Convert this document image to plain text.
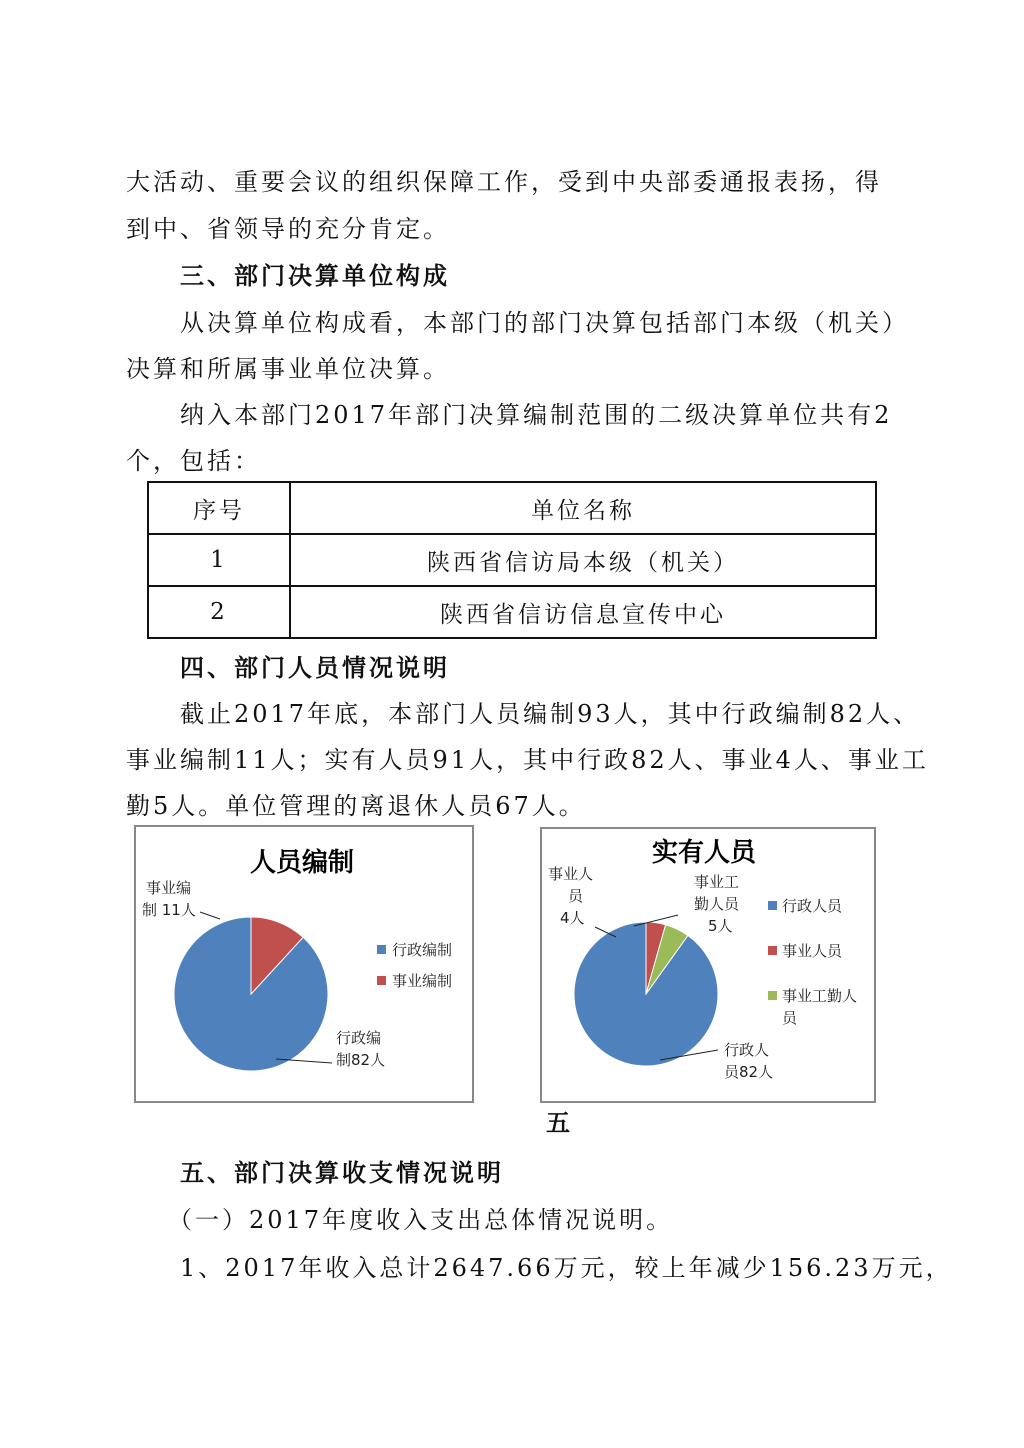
大活动、重要会议的组织保障工作，受到中央部委通报表扬，得
到中、省领导的充分肯定。
三、部门决算单位构成
从决算单位构成看，本部门的部门决算包括部门本级（机关）
决算和所属事业单位决算。
纳入本部门2017年部门决算编制范围的二级决算单位共有2
个，包括：
序号	单位名称
1	陕西省信访局本级（机关）
2	陕西省信访信息宣传中心
四、部门人员情况说明
截止2017年底，本部门人员编制93人，其中行政编制82人、
事业编制11人；实有人员91人，其中行政82人、事业4人、事业工
勤5人。单位管理的离退休人员67人。
人员编制
事业编
制 11人
行政编
制82人
行政编制
事业编制
实有人员
事业人
员
4人
事业工
勤人员
5人
行政人
员82人
行政人员
事业人员
事业工勤人
员
五
五、部门决算收支情况说明
（一）2017年度收入支出总体情况说明。
1、2017年收入总计2647.66万元，较上年减少156.23万元，
